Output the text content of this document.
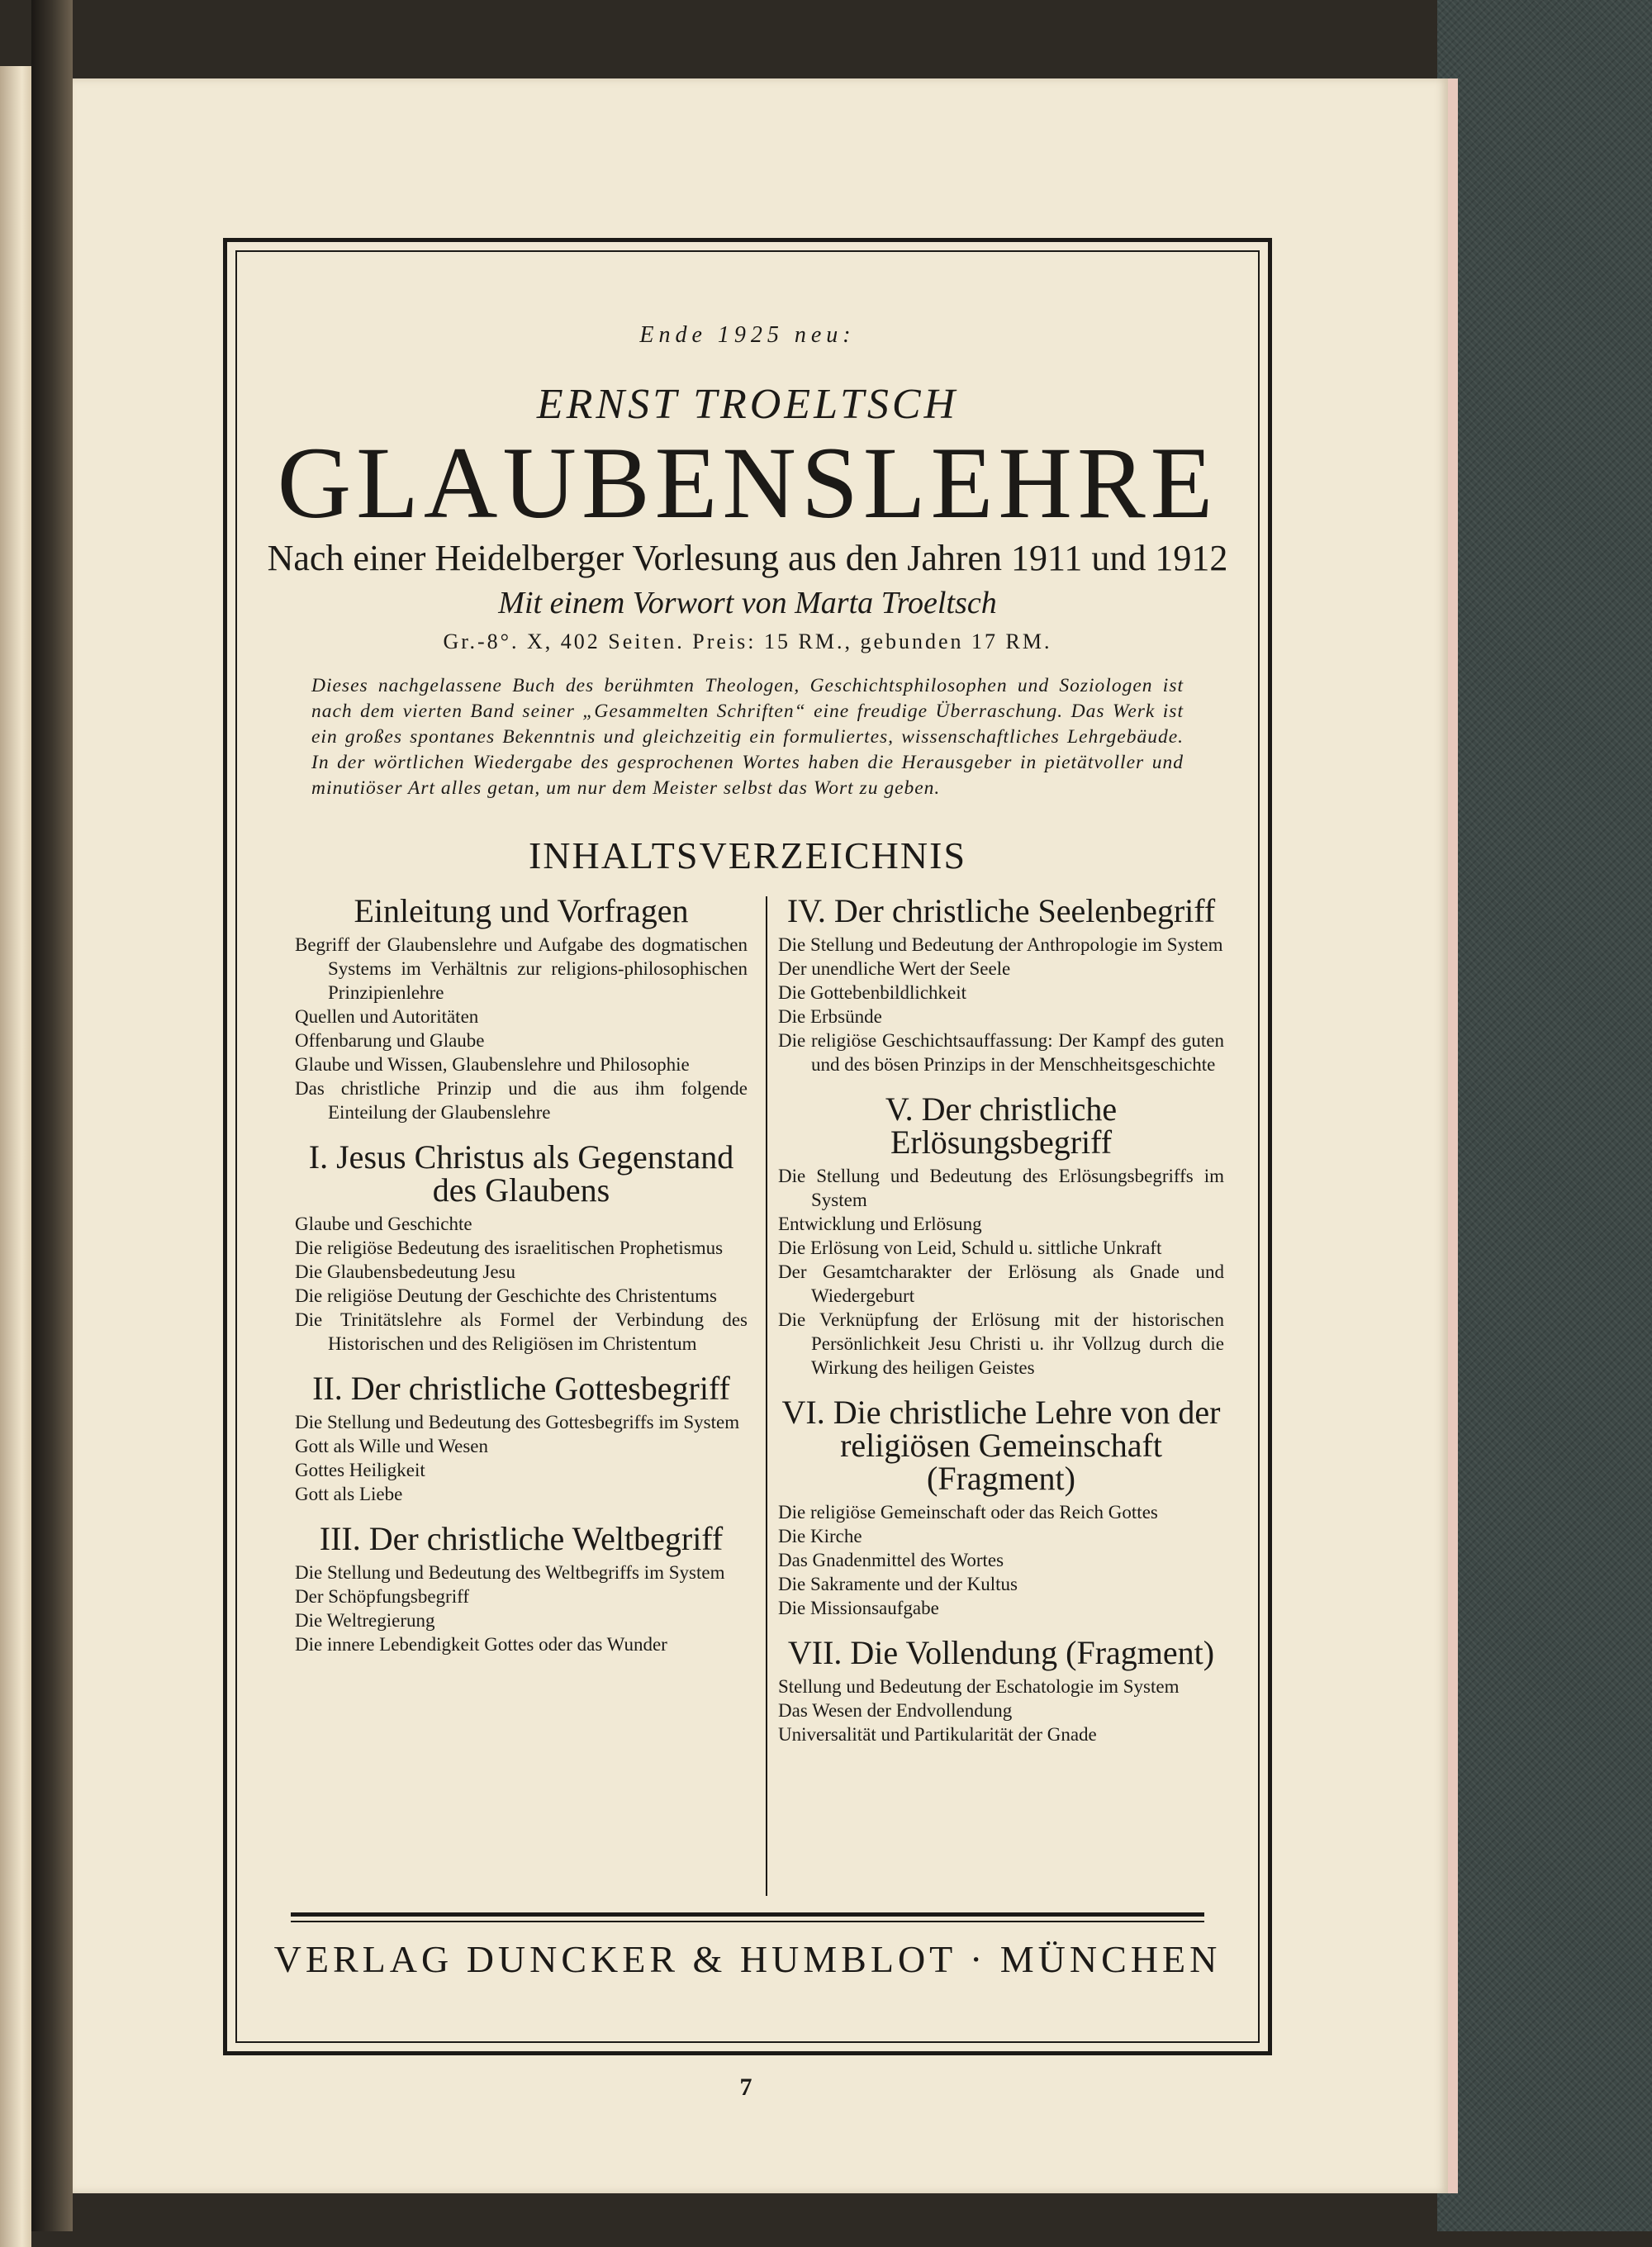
Ende 1925 neu:
ERNST TROELTSCH
GLAUBENSLEHRE
Nach einer Heidelberger Vorlesung aus den Jahren 1911 und 1912
Mit einem Vorwort von Marta Troeltsch
Gr.-8°. X, 402 Seiten. Preis: 15 RM., gebunden 17 RM.
Dieses nachgelassene Buch des berühmten Theologen, Geschichtsphilosophen und Soziologen ist nach dem vierten Band seiner „Gesammelten Schriften“ eine freudige Überraschung. Das Werk ist ein großes spontanes Bekenntnis und gleichzeitig ein formuliertes, wissenschaftliches Lehrgebäude. In der wörtlichen Wiedergabe des gesprochenen Wortes haben die Herausgeber in pietätvoller und minutiöser Art alles getan, um nur dem Meister selbst das Wort zu geben.
INHALTSVERZEICHNIS
Einleitung und Vorfragen
Begriff der Glaubenslehre und Aufgabe des dogmatischen Systems im Verhältnis zur religions-philosophischen Prinzipienlehre
Quellen und Autoritäten
Offenbarung und Glaube
Glaube und Wissen, Glaubenslehre und Philosophie
Das christliche Prinzip und die aus ihm folgende Einteilung der Glaubenslehre
I. Jesus Christus als Gegenstand des Glaubens
Glaube und Geschichte
Die religiöse Bedeutung des israelitischen Prophetismus
Die Glaubensbedeutung Jesu
Die religiöse Deutung der Geschichte des Christentums
Die Trinitätslehre als Formel der Verbindung des Historischen und des Religiösen im Christentum
II. Der christliche Gottesbegriff
Die Stellung und Bedeutung des Gottesbegriffs im System
Gott als Wille und Wesen
Gottes Heiligkeit
Gott als Liebe
III. Der christliche Weltbegriff
Die Stellung und Bedeutung des Weltbegriffs im System
Der Schöpfungsbegriff
Die Weltregierung
Die innere Lebendigkeit Gottes oder das Wunder
IV. Der christliche Seelenbegriff
Die Stellung und Bedeutung der Anthropologie im System
Der unendliche Wert der Seele
Die Gottebenbildlichkeit
Die Erbsünde
Die religiöse Geschichtsauffassung: Der Kampf des guten und des bösen Prinzips in der Menschheitsgeschichte
V. Der christliche Erlösungsbegriff
Die Stellung und Bedeutung des Erlösungsbegriffs im System
Entwicklung und Erlösung
Die Erlösung von Leid, Schuld u. sittliche Unkraft
Der Gesamtcharakter der Erlösung als Gnade und Wiedergeburt
Die Verknüpfung der Erlösung mit der historischen Persönlichkeit Jesu Christi u. ihr Vollzug durch die Wirkung des heiligen Geistes
VI. Die christliche Lehre von der religiösen Gemeinschaft (Fragment)
Die religiöse Gemeinschaft oder das Reich Gottes
Die Kirche
Das Gnadenmittel des Wortes
Die Sakramente und der Kultus
Die Missionsaufgabe
VII. Die Vollendung (Fragment)
Stellung und Bedeutung der Eschatologie im System
Das Wesen der Endvollendung
Universalität und Partikularität der Gnade
VERLAG DUNCKER & HUMBLOT · MÜNCHEN
7
